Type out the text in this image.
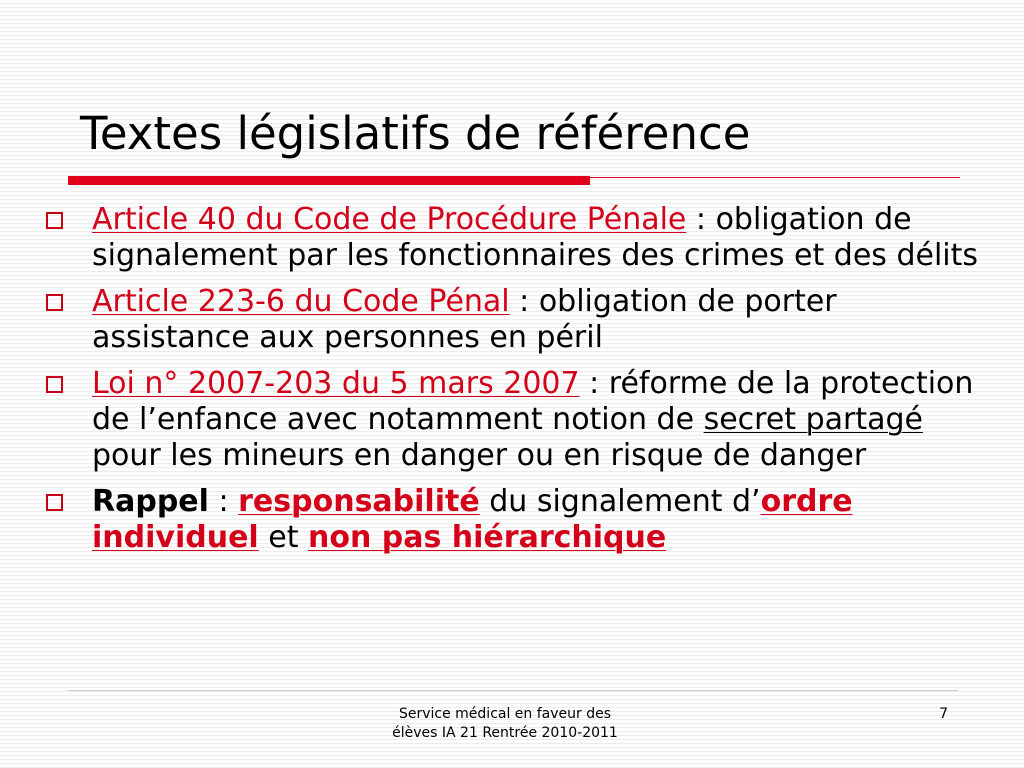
Textes législatifs de référence
Article 40 du Code de Procédure Pénale : obligation de signalement par les fonctionnaires des crimes et des délits
Article 223-6 du Code Pénal : obligation de porter assistance aux personnes en péril
Loi n° 2007-203 du 5 mars 2007 : réforme de la protection de l’enfance avec notamment notion de secret partagé pour les mineurs en danger ou en risque de danger
Rappel : responsabilité du signalement d’ordre individuel et non pas hiérarchique
Service médical en faveur des
élèves IA 21 Rentrée 2010-2011
7
